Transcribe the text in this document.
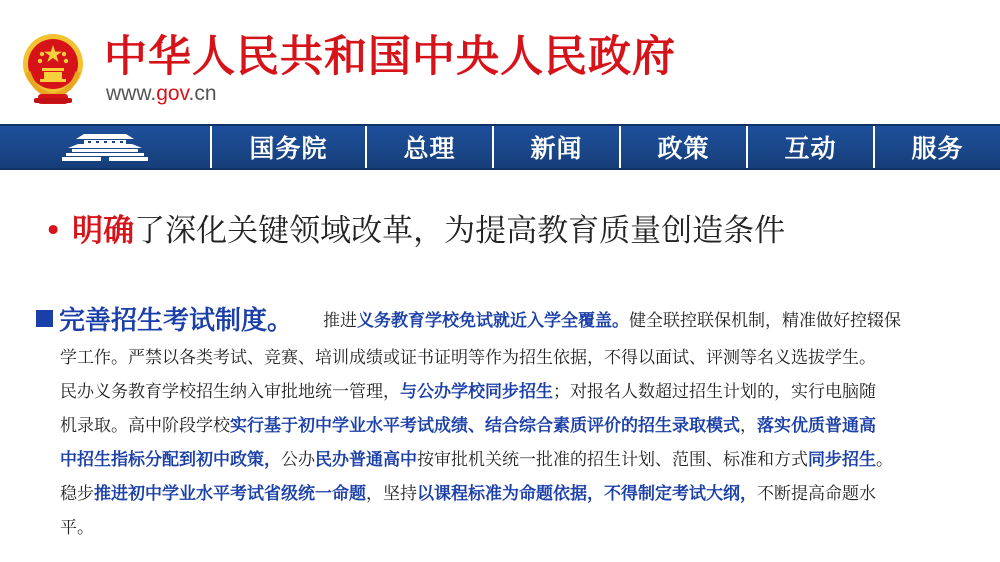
中华人民共和国中央人民政府
www.gov.cn
国务院	总理	新闻	政策	互动	服务
• 明确了深化关键领域改革，为提高教育质量创造条件
完善招生考试制度。 推进义务教育学校免试就近入学全覆盖。健全联控联保机制，精准做好控辍保
学工作。严禁以各类考试、竞赛、培训成绩或证书证明等作为招生依据，不得以面试、评测等名义选拔学生。
民办义务教育学校招生纳入审批地统一管理，与公办学校同步招生；对报名人数超过招生计划的，实行电脑随
机录取。高中阶段学校实行基于初中学业水平考试成绩、结合综合素质评价的招生录取模式，落实优质普通高
中招生指标分配到初中政策，公办民办普通高中按审批机关统一批准的招生计划、范围、标准和方式同步招生。
稳步推进初中学业水平考试省级统一命题，坚持以课程标准为命题依据，不得制定考试大纲，不断提高命题水
平。
